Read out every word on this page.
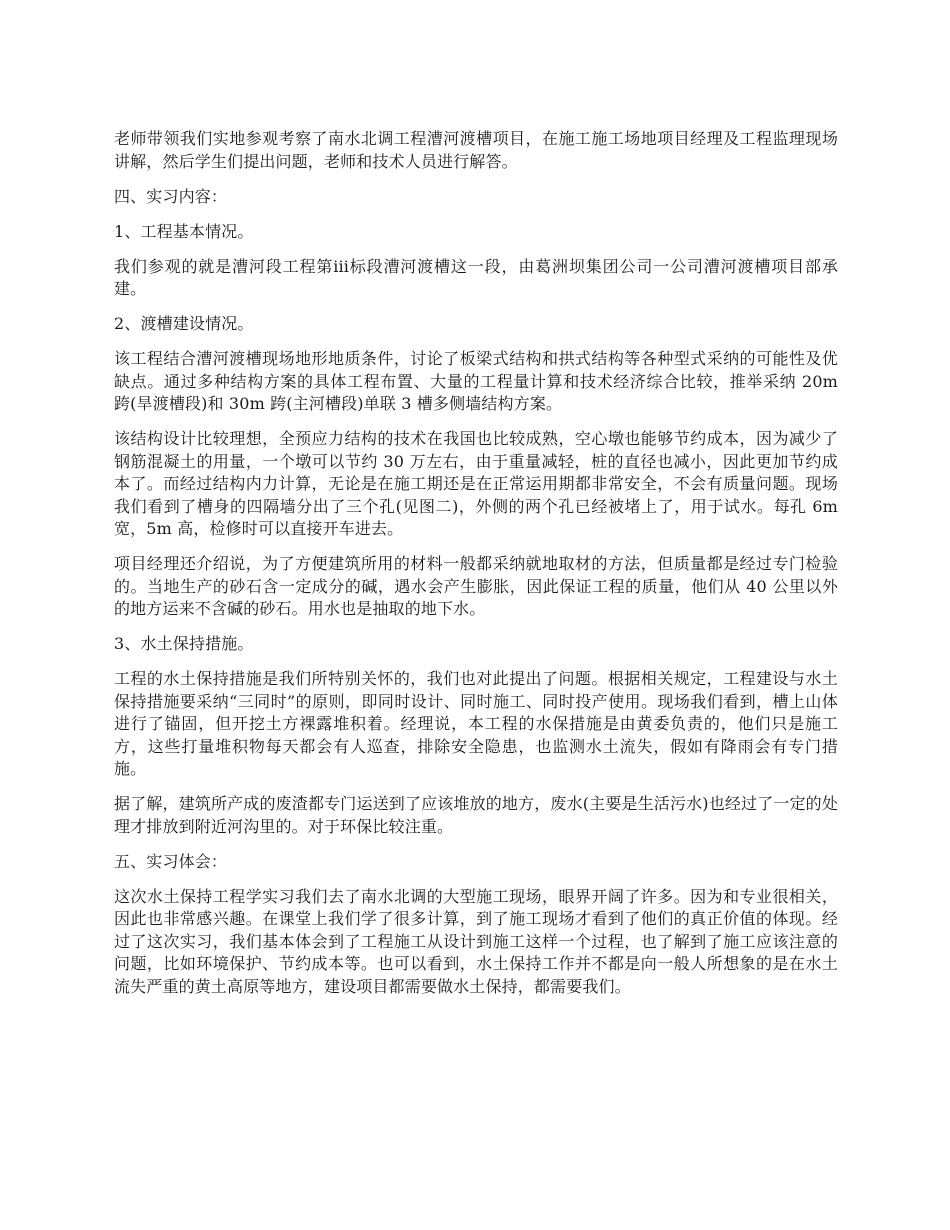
老师带领我们实地参观考察了南水北调工程漕河渡槽项目，在施工施工场地项目经理及工程监理现场讲解，然后学生们提出问题，老师和技术人员进行解答。

四、实习内容：

1、工程基本情况。

我们参观的就是漕河段工程第iii标段漕河渡槽这一段，由葛洲坝集团公司一公司漕河渡槽项目部承建。

2、渡槽建设情况。

该工程结合漕河渡槽现场地形地质条件，讨论了板梁式结构和拱式结构等各种型式采纳的可能性及优缺点。通过多种结构方案的具体工程布置、大量的工程量计算和技术经济综合比较，推举采纳 20m 跨(旱渡槽段)和 30m 跨(主河槽段)单联 3 槽多侧墙结构方案。

该结构设计比较理想，全预应力结构的技术在我国也比较成熟，空心墩也能够节约成本，因为减少了钢筋混凝土的用量，一个墩可以节约 30 万左右，由于重量减轻，桩的直径也减小，因此更加节约成本了。而经过结构内力计算，无论是在施工期还是在正常运用期都非常安全，不会有质量问题。现场我们看到了槽身的四隔墙分出了三个孔(见图二)，外侧的两个孔已经被堵上了，用于试水。每孔 6m 宽，5m 高，检修时可以直接开车进去。

项目经理还介绍说，为了方便建筑所用的材料一般都采纳就地取材的方法，但质量都是经过专门检验的。当地生产的砂石含一定成分的碱，遇水会产生膨胀，因此保证工程的质量，他们从 40 公里以外的地方运来不含碱的砂石。用水也是抽取的地下水。

3、水土保持措施。

工程的水土保持措施是我们所特别关怀的，我们也对此提出了问题。根据相关规定，工程建设与水土保持措施要采纳“三同时”的原则，即同时设计、同时施工、同时投产使用。现场我们看到，槽上山体进行了锚固，但开挖土方裸露堆积着。经理说，本工程的水保措施是由黄委负责的，他们只是施工方，这些打量堆积物每天都会有人巡查，排除安全隐患，也监测水土流失，假如有降雨会有专门措施。

据了解，建筑所产成的废渣都专门运送到了应该堆放的地方，废水(主要是生活污水)也经过了一定的处理才排放到附近河沟里的。对于环保比较注重。

五、实习体会：

这次水土保持工程学实习我们去了南水北调的大型施工现场，眼界开阔了许多。因为和专业很相关，因此也非常感兴趣。在课堂上我们学了很多计算，到了施工现场才看到了他们的真正价值的体现。经过了这次实习，我们基本体会到了工程施工从设计到施工这样一个过程，也了解到了施工应该注意的问题，比如环境保护、节约成本等。也可以看到，水土保持工作并不都是向一般人所想象的是在水土流失严重的黄土高原等地方，建设项目都需要做水土保持，都需要我们。
